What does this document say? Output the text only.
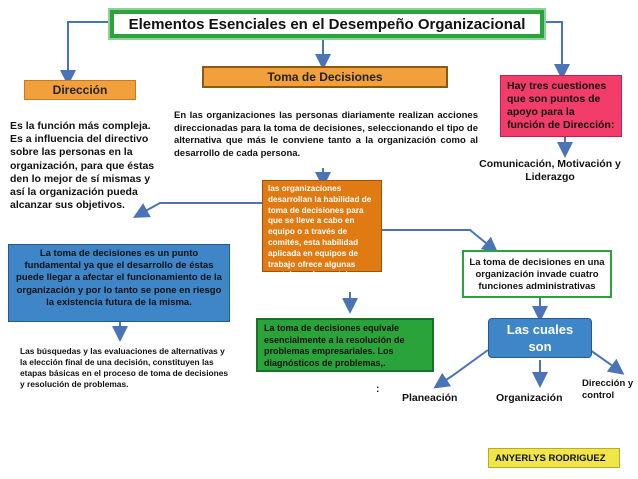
Elementos Esenciales en el Desempeño Organizacional
Dirección
Es la función más compleja. Es a influencia del directivo sobre las personas en la organización, para que éstas den lo mejor de sí mismas y así la organización pueda alcanzar sus objetivos.
Toma de Decisiones
En las organizaciones las personas diariamente realizan acciones direccionadas para la toma de decisiones, seleccionando el tipo de alternativa que más le conviene tanto a la organización como al desarrollo de cada persona.
Hay tres cuestiones que son puntos de apoyo para la función de Dirección:
Comunicación, Motivación y Liderazgo
las organizaciones desarrollan la habilidad de toma de decisiones para que se lleve a cabo en equipo o a través de comités, esta habilidad aplicada en equipos de trabajo ofrece algunas ventajas y desventajas para el desarrollo de los equipos de trabajo.
La toma de decisiones es un punto fundamental ya que el desarrollo de éstas puede llegar a afectar el funcionamiento de la organización y por lo tanto se pone en riesgo la existencia futura de la misma.
Las búsquedas y las evaluaciones de alternativas y la elección final de una decisión, constituyen las etapas básicas en el proceso de toma de decisiones y resolución de problemas.
La toma de decisiones equivale esencialmente a la resolución de problemas empresariales. Los diagnósticos de problemas,.
:
La toma de decisiones en una organización invade cuatro funciones administrativas
Las cuales son
Planeación	Organización
Dirección y control
ANYERLYS RODRIGUEZ
